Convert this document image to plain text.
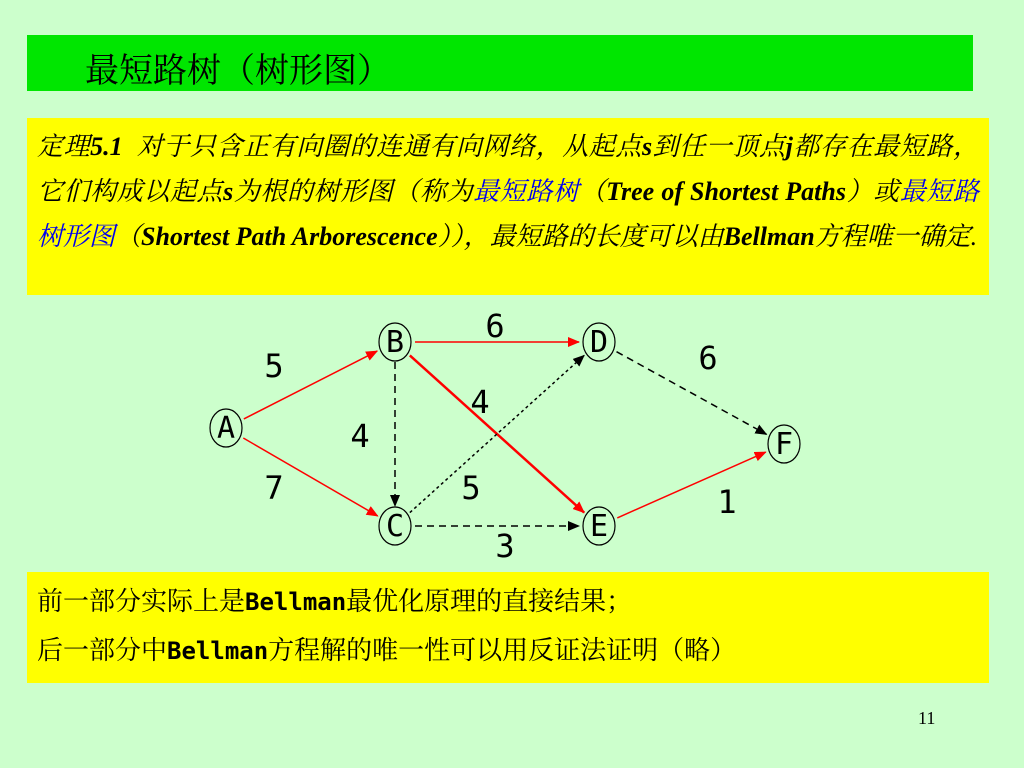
最短路树（树形图）
定理5.1 对于只含正有向圈的连通有向网络，从起点s到任一顶点j都存在最短路，它们构成以起点s为根的树形图（称为最短路树（Tree of Shortest Paths）或最短路树形图（Shortest Path Arborescence）），最短路的长度可以由Bellman方程唯一确定.
A
B
C
D
E
F
5
7
6
4
4
5
3
6
1
前一部分实际上是Bellman最优化原理的直接结果；
后一部分中Bellman方程解的唯一性可以用反证法证明（略）
11
